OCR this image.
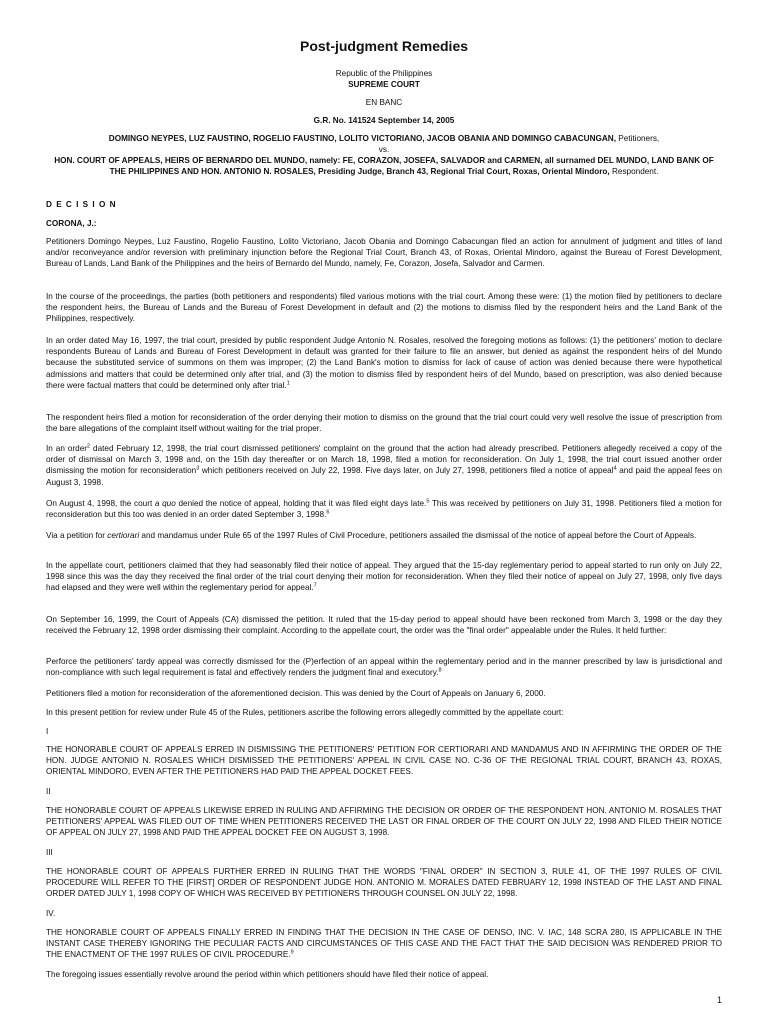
Post-judgment Remedies
Republic of the Philippines
SUPREME COURT
EN BANC
G.R. No. 141524 September 14, 2005
DOMINGO NEYPES, LUZ FAUSTINO, ROGELIO FAUSTINO, LOLITO VICTORIANO, JACOB OBANIA AND DOMINGO CABACUNGAN, Petitioners,
vs.
HON. COURT OF APPEALS, HEIRS OF BERNARDO DEL MUNDO, namely: FE, CORAZON, JOSEFA, SALVADOR and CARMEN, all surnamed DEL MUNDO, LAND BANK OF THE PHILIPPINES AND HON. ANTONIO N. ROSALES, Presiding Judge, Branch 43, Regional Trial Court, Roxas, Oriental Mindoro, Respondent.
D E C I S I O N
CORONA, J.:
Petitioners Domingo Neypes, Luz Faustino, Rogelio Faustino, Lolito Victoriano, Jacob Obania and Domingo Cabacungan filed an action for annulment of judgment and titles of land and/or reconveyance and/or reversion with preliminary injunction before the Regional Trial Court, Branch 43, of Roxas, Oriental Mindoro, against the Bureau of Forest Development, Bureau of Lands, Land Bank of the Philippines and the heirs of Bernardo del Mundo, namely, Fe, Corazon, Josefa, Salvador and Carmen.
In the course of the proceedings, the parties (both petitioners and respondents) filed various motions with the trial court. Among these were: (1) the motion filed by petitioners to declare the respondent heirs, the Bureau of Lands and the Bureau of Forest Development in default and (2) the motions to dismiss filed by the respondent heirs and the Land Bank of the Philippines, respectively.
In an order dated May 16, 1997, the trial court, presided by public respondent Judge Antonio N. Rosales, resolved the foregoing motions as follows: (1) the petitioners' motion to declare respondents Bureau of Lands and Bureau of Forest Development in default was granted for their failure to file an answer, but denied as against the respondent heirs of del Mundo because the substituted service of summons on them was improper; (2) the Land Bank's motion to dismiss for lack of cause of action was denied because there were hypothetical admissions and matters that could be determined only after trial, and (3) the motion to dismiss filed by respondent heirs of del Mundo, based on prescription, was also denied because there were factual matters that could be determined only after trial.$^1$
The respondent heirs filed a motion for reconsideration of the order denying their motion to dismiss on the ground that the trial court could very well resolve the issue of prescription from the bare allegations of the complaint itself without waiting for the trial proper.
In an order$^2$ dated February 12, 1998, the trial court dismissed petitioners' complaint on the ground that the action had already prescribed. Petitioners allegedly received a copy of the order of dismissal on March 3, 1998 and, on the 15th day thereafter or on March 18, 1998, filed a motion for reconsideration. On July 1, 1998, the trial court issued another order dismissing the motion for reconsideration$^3$ which petitioners received on July 22, 1998. Five days later, on July 27, 1998, petitioners filed a notice of appeal$^4$ and paid the appeal fees on August 3, 1998.
On August 4, 1998, the court a quo denied the notice of appeal, holding that it was filed eight days late.$^5$ This was received by petitioners on July 31, 1998. Petitioners filed a motion for reconsideration but this too was denied in an order dated September 3, 1998.$^6$
Via a petition for certiorari and mandamus under Rule 65 of the 1997 Rules of Civil Procedure, petitioners assailed the dismissal of the notice of appeal before the Court of Appeals.
In the appellate court, petitioners claimed that they had seasonably filed their notice of appeal. They argued that the 15-day reglementary period to appeal started to run only on July 22, 1998 since this was the day they received the final order of the trial court denying their motion for reconsideration. When they filed their notice of appeal on July 27, 1998, only five days had elapsed and they were well within the reglementary period for appeal.$^7$
On September 16, 1999, the Court of Appeals (CA) dismissed the petition. It ruled that the 15-day period to appeal should have been reckoned from March 3, 1998 or the day they received the February 12, 1998 order dismissing their complaint. According to the appellate court, the order was the "final order" appealable under the Rules. It held further:
Perforce the petitioners' tardy appeal was correctly dismissed for the (P)erfection of an appeal within the reglementary period and in the manner prescribed by law is jurisdictional and non-compliance with such legal requirement is fatal and effectively renders the judgment final and executory.$^8$
Petitioners filed a motion for reconsideration of the aforementioned decision. This was denied by the Court of Appeals on January 6, 2000.
In this present petition for review under Rule 45 of the Rules, petitioners ascribe the following errors allegedly committed by the appellate court:
I
THE HONORABLE COURT OF APPEALS ERRED IN DISMISSING THE PETITIONERS' PETITION FOR CERTIORARI AND MANDAMUS AND IN AFFIRMING THE ORDER OF THE HON. JUDGE ANTONIO N. ROSALES WHICH DISMISSED THE PETITIONERS' APPEAL IN CIVIL CASE NO. C-36 OF THE REGIONAL TRIAL COURT, BRANCH 43, ROXAS, ORIENTAL MINDORO, EVEN AFTER THE PETITIONERS HAD PAID THE APPEAL DOCKET FEES.
II
THE HONORABLE COURT OF APPEALS LIKEWISE ERRED IN RULING AND AFFIRMING THE DECISION OR ORDER OF THE RESPONDENT HON. ANTONIO M. ROSALES THAT PETITIONERS' APPEAL WAS FILED OUT OF TIME WHEN PETITIONERS RECEIVED THE LAST OR FINAL ORDER OF THE COURT ON JULY 22, 1998 AND FILED THEIR NOTICE OF APPEAL ON JULY 27, 1998 AND PAID THE APPEAL DOCKET FEE ON AUGUST 3, 1998.
III
THE HONORABLE COURT OF APPEALS FURTHER ERRED IN RULING THAT THE WORDS "FINAL ORDER" IN SECTION 3, RULE 41, OF THE 1997 RULES OF CIVIL PROCEDURE WILL REFER TO THE [FIRST] ORDER OF RESPONDENT JUDGE HON. ANTONIO M. MORALES DATED FEBRUARY 12, 1998 INSTEAD OF THE LAST AND FINAL ORDER DATED JULY 1, 1998 COPY OF WHICH WAS RECEIVED BY PETITIONERS THROUGH COUNSEL ON JULY 22, 1998.
IV.
THE HONORABLE COURT OF APPEALS FINALLY ERRED IN FINDING THAT THE DECISION IN THE CASE OF DENSO, INC. V. IAC, 148 SCRA 280, IS APPLICABLE IN THE INSTANT CASE THEREBY IGNORING THE PECULIAR FACTS AND CIRCUMSTANCES OF THIS CASE AND THE FACT THAT THE SAID DECISION WAS RENDERED PRIOR TO THE ENACTMENT OF THE 1997 RULES OF CIVIL PROCEDURE.$^9$
The foregoing issues essentially revolve around the period within which petitioners should have filed their notice of appeal.
1
